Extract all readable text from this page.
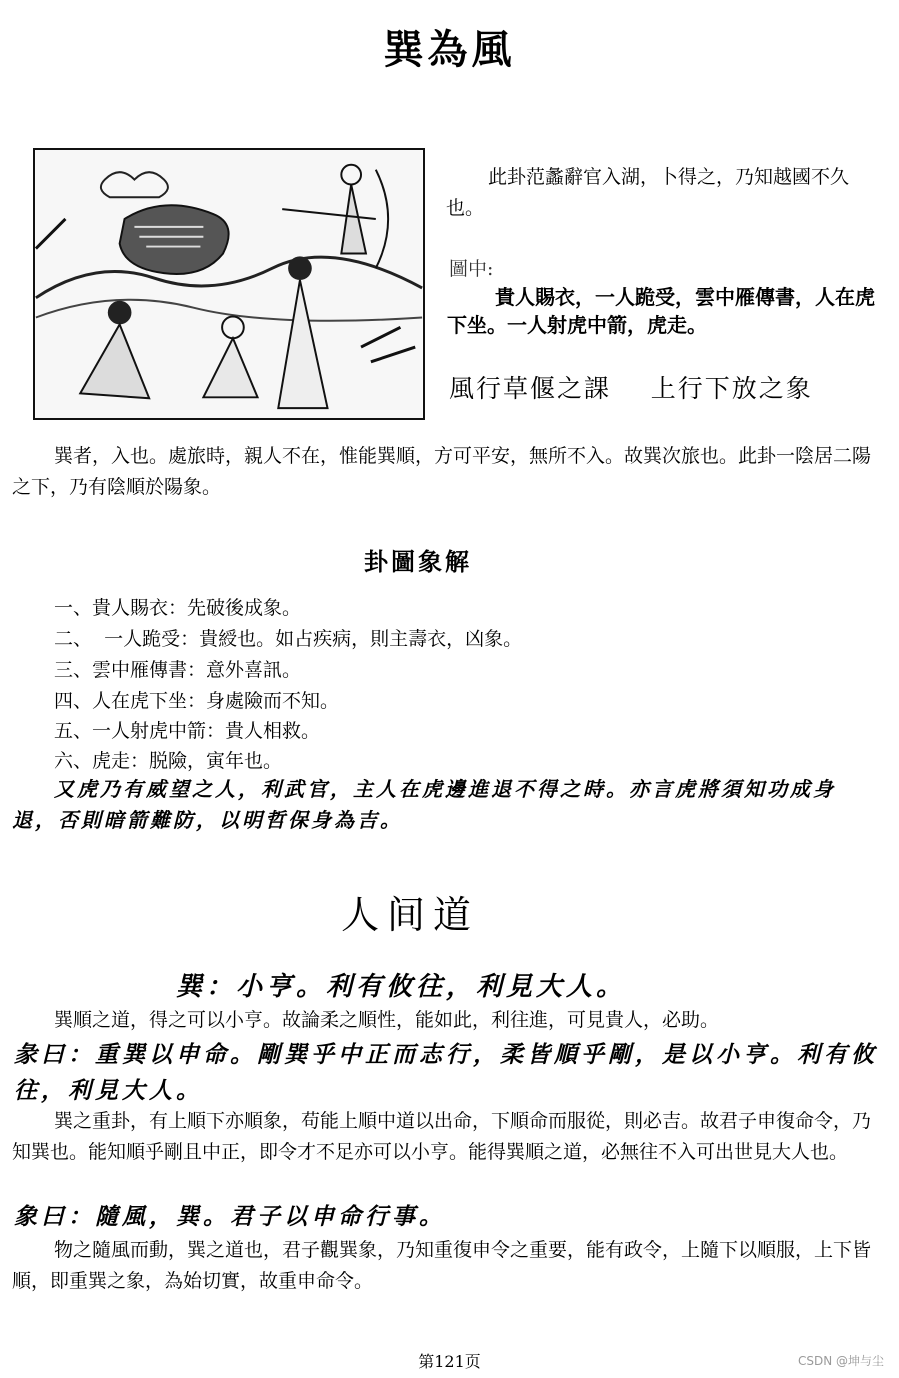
巽為風
此卦范蠡辭官入湖，卜得之，乃知越國不久也。
圖中:
貴人賜衣，一人跪受，雲中雁傳書，人在虎下坐。一人射虎中箭，虎走。
風行草偃之課    上行下放之象
巽者，入也。處旅時，親人不在，惟能巽順，方可平安，無所不入。故巽次旅也。此卦一陰居二陽之下，乃有陰順於陽象。
卦圖象解
一、貴人賜衣：先破後成象。
二、  一人跪受：貴綬也。如占疾病，則主壽衣，凶象。
三、雲中雁傳書：意外喜訊。
四、人在虎下坐：身處險而不知。
五、一人射虎中箭：貴人相救。
六、虎走：脱險，寅年也。
又虎乃有威望之人，利武官，主人在虎邊進退不得之時。亦言虎將須知功成身退，否則暗箭難防，以明哲保身為吉。
人间道
巽：小亨。利有攸往，利見大人。
巽順之道，得之可以小亨。故論柔之順性，能如此，利往進，可見貴人，必助。
彖曰：重巽以申命。剛巽乎中正而志行，柔皆順乎剛，是以小亨。利有攸往，利見大人。
巽之重卦，有上順下亦順象，苟能上順中道以出命，下順命而服從，則必吉。故君子申復命令，乃知巽也。能知順乎剛且中正，即令才不足亦可以小亨。能得巽順之道，必無往不入可出世見大人也。
象曰：隨風，巽。君子以申命行事。
物之隨風而動，巽之道也，君子觀巽象，乃知重復申令之重要，能有政令，上隨下以順服，上下皆順，即重巽之象，為始切實，故重申命令。
第121页	CSDN @坤与尘
